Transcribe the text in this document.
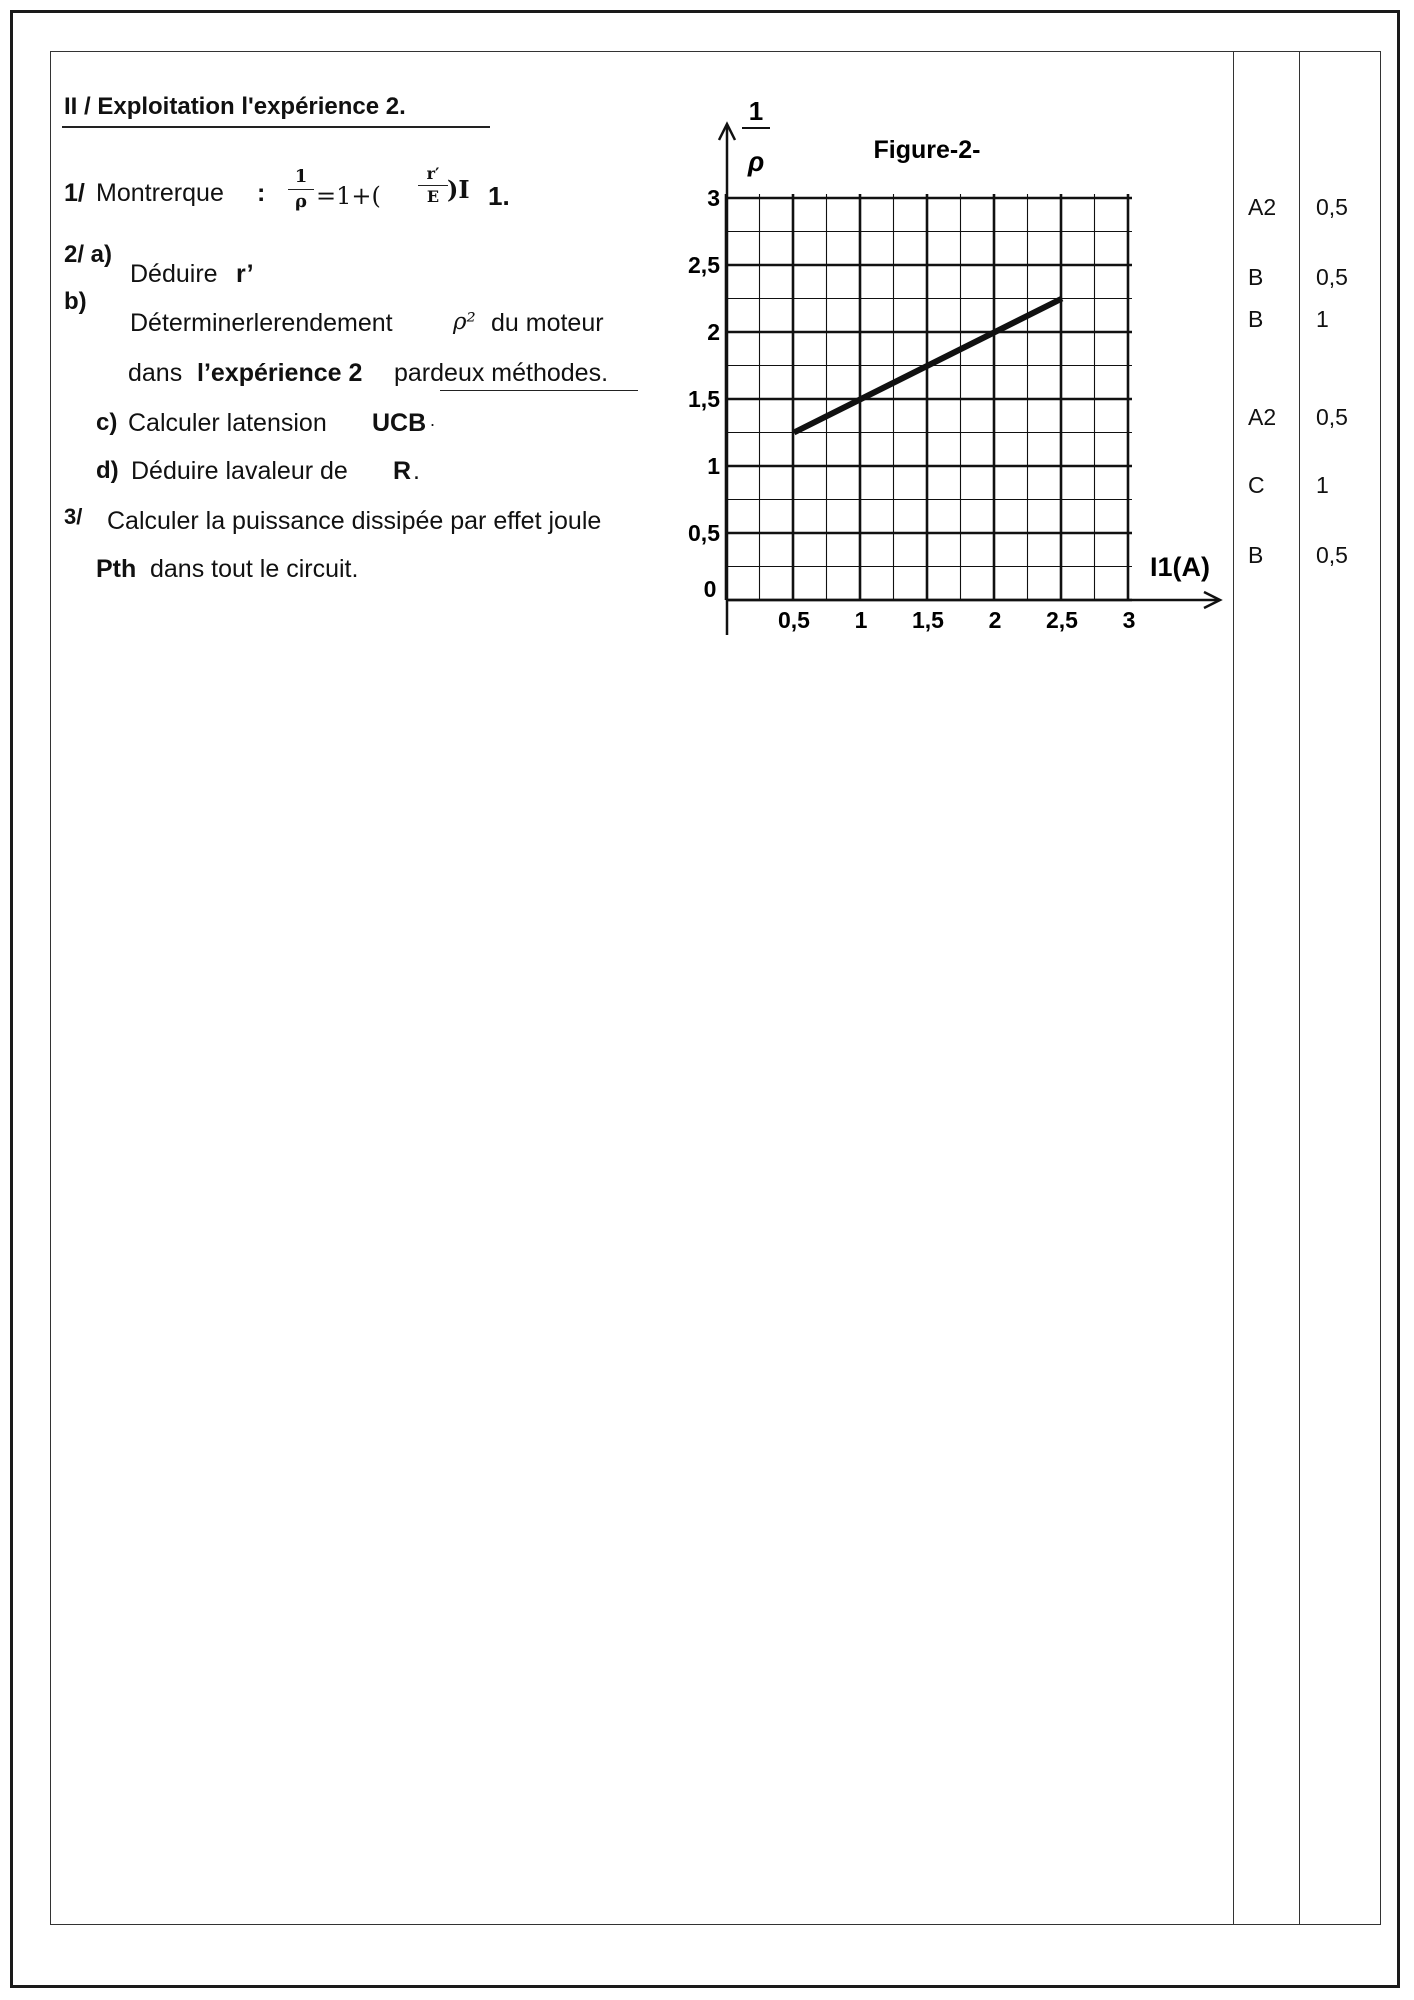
II / Exploitation l'expérience 2.
1/ Montrerque :
1
ρ =1+(
r′
E )I 1.
2/ a)
Déduire r’
b)
Déterminerlerendement	ρ² du moteur
dans l’expérience 2 pardeux méthodes.
c) Calculer latension UCB .
d) Déduire lavaleur de R .
3/ Calculer la puissance dissipée par effet joule
Pth dans tout le circuit.
0,5 1 1,5 2 2,5 3
0,5
1
1,5
2
2,5
3
Figure-2-
1
ρ
I1(A)
0
A2 0,5
B 0,5
B 1
A2 0,5
C 1
B 0,5
